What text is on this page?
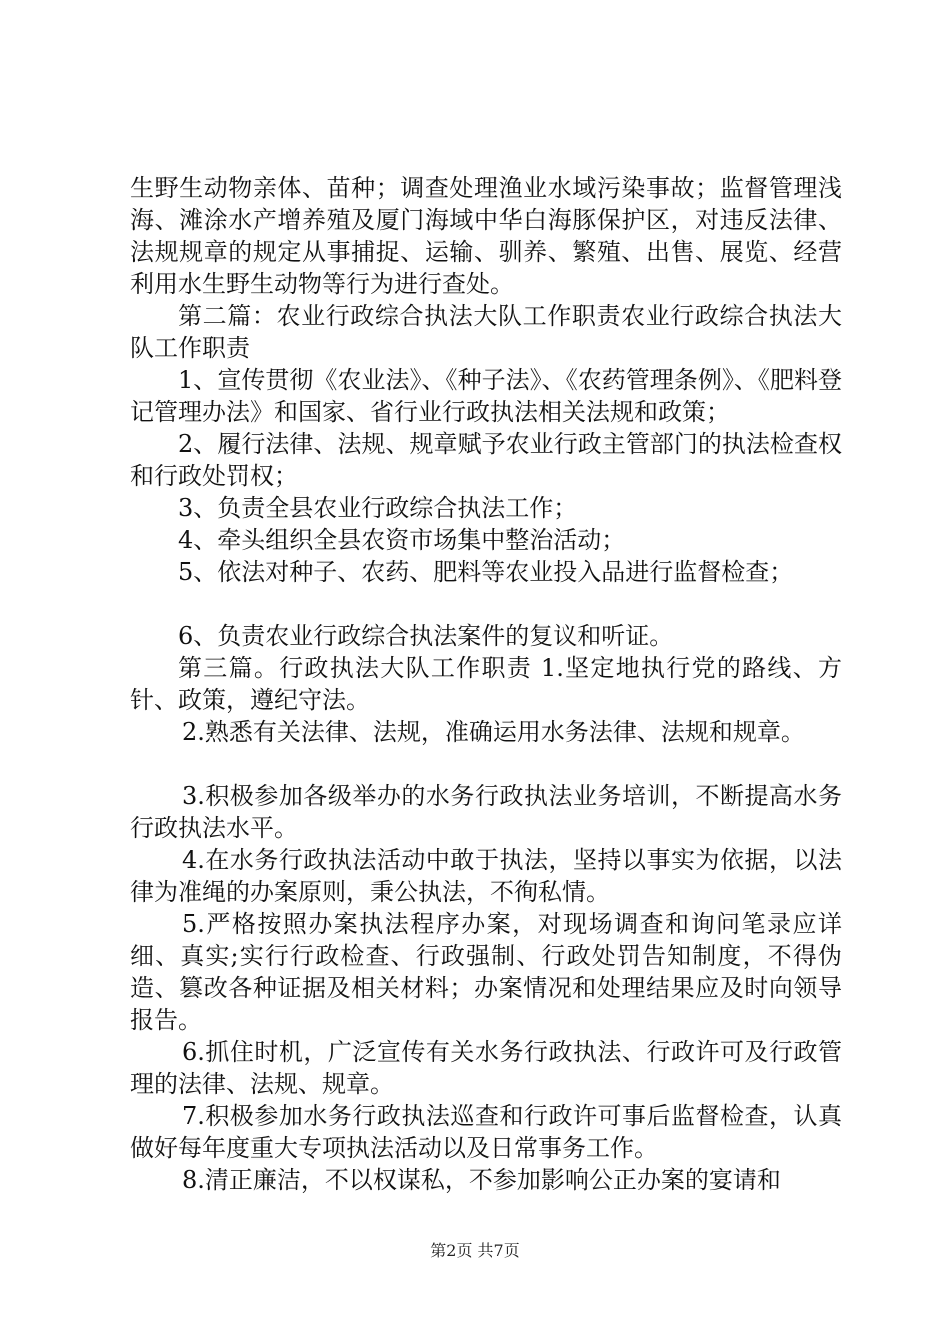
生野生动物亲体、苗种；调查处理渔业水域污染事故；监督管理浅海、滩涂水产增养殖及厦门海域中华白海豚保护区，对违反法律、法规规章的规定从事捕捉、运输、驯养、繁殖、出售、展览、经营利用水生野生动物等行为进行查处。

第二篇：农业行政综合执法大队工作职责农业行政综合执法大队工作职责

1、宣传贯彻《农业法》、《种子法》、《农药管理条例》、《肥料登记管理办法》和国家、省行业行政执法相关法规和政策；

2、履行法律、法规、规章赋予农业行政主管部门的执法检查权和行政处罚权；

3、负责全县农业行政综合执法工作；

4、牵头组织全县农资市场集中整治活动；

5、依法对种子、农药、肥料等农业投入品进行监督检查；

6、负责农业行政综合执法案件的复议和听证。

第三篇。行政执法大队工作职责 1.坚定地执行党的路线、方针、政策，遵纪守法。

2.熟悉有关法律、法规，准确运用水务法律、法规和规章。

3.积极参加各级举办的水务行政执法业务培训，不断提高水务行政执法水平。

4.在水务行政执法活动中敢于执法，坚持以事实为依据，以法律为准绳的办案原则，秉公执法，不徇私情。

5.严格按照办案执法程序办案，对现场调查和询问笔录应详细、真实;实行行政检查、行政强制、行政处罚告知制度，不得伪造、篡改各种证据及相关材料；办案情况和处理结果应及时向领导报告。

6.抓住时机，广泛宣传有关水务行政执法、行政许可及行政管理的法律、法规、规章。

7.积极参加水务行政执法巡查和行政许可事后监督检查，认真做好每年度重大专项执法活动以及日常事务工作。

8.清正廉洁，不以权谋私，不参加影响公正办案的宴请和

第2页 共7页
